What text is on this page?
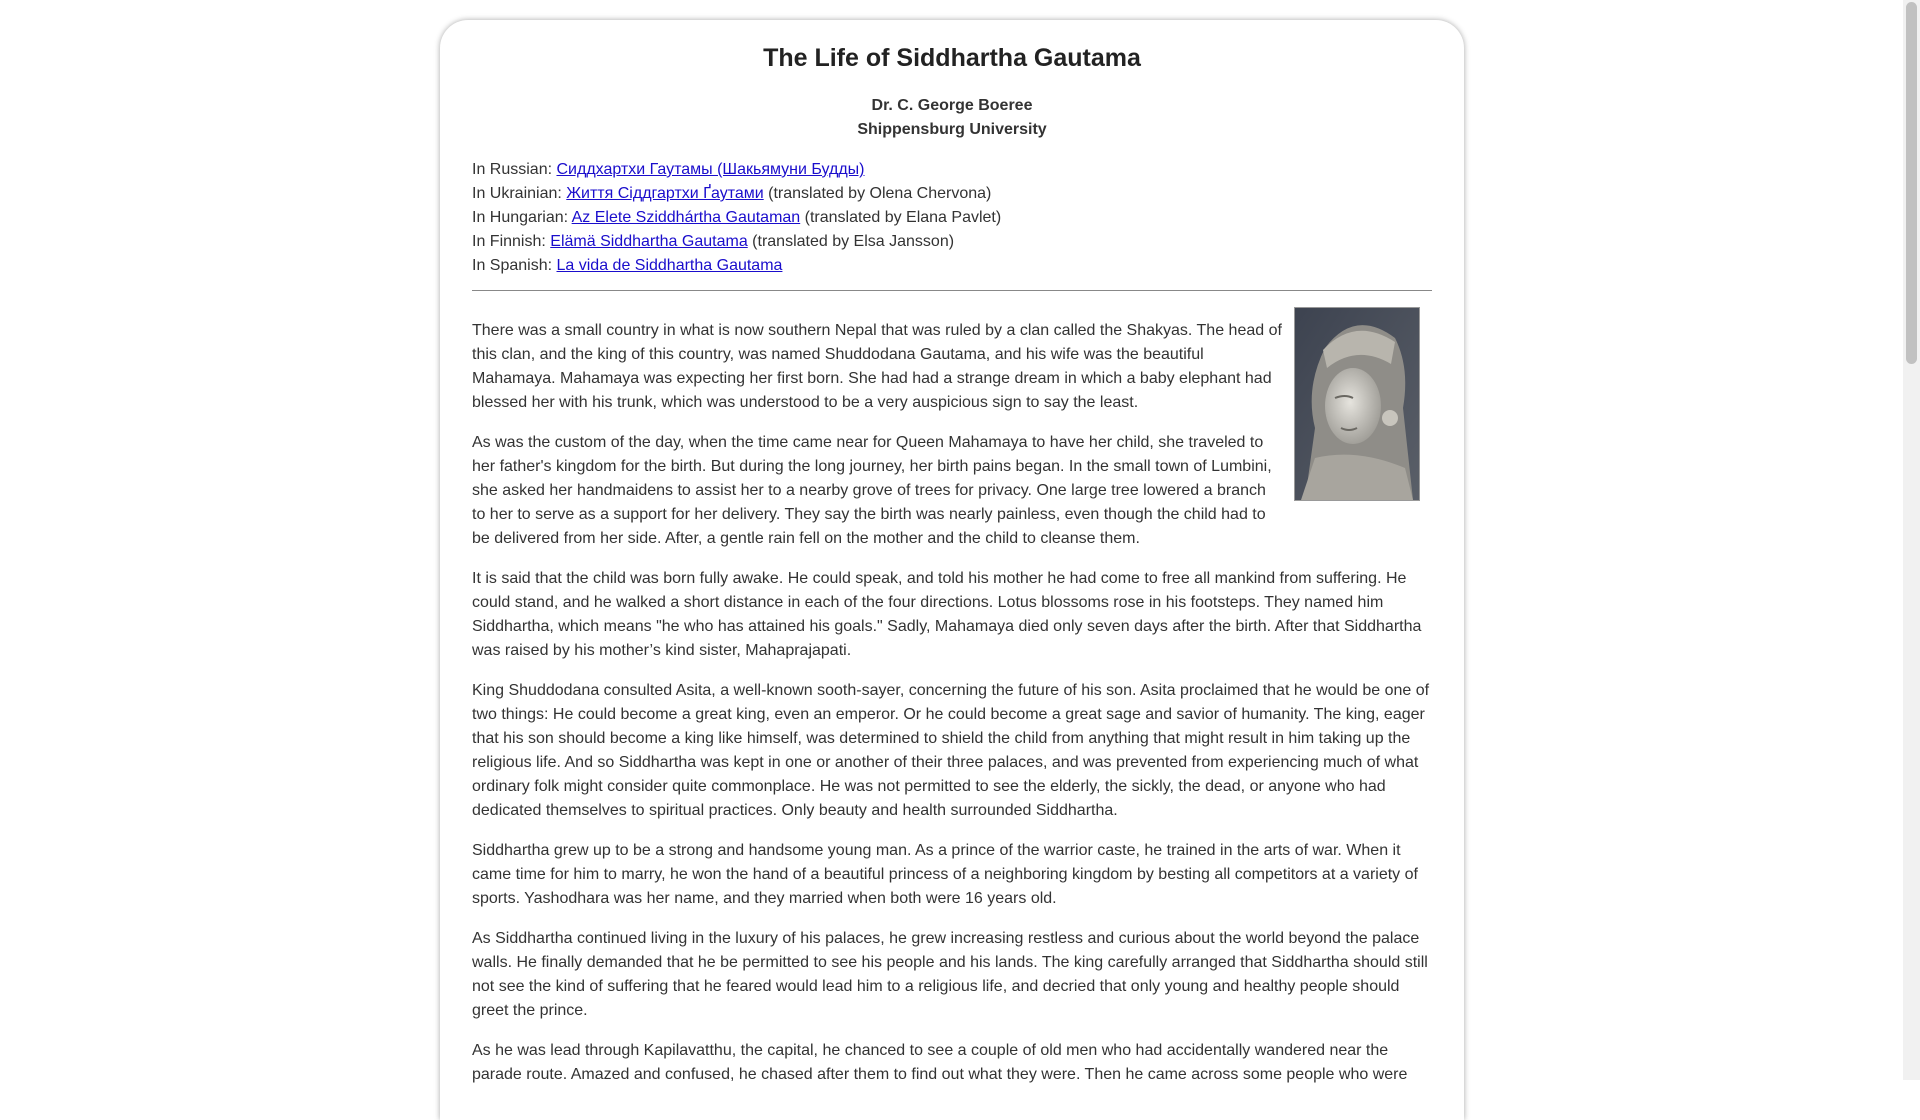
The Life of Siddhartha Gautama
Dr. C. George Boeree
Shippensburg University
In Russian: Сиддхартхи Гаутамы (Шакьямуни Будды)
In Ukrainian: Життя Сіддгартхи Ґаутами (translated by Olena Chervona)
In Hungarian: Az Elete Sziddhártha Gautaman (translated by Elana Pavlet)
In Finnish: Elämä Siddhartha Gautama (translated by Elsa Jansson)
In Spanish: La vida de Siddhartha Gautama

There was a small country in what is now southern Nepal that was ruled by a clan called the Shakyas. The head of this clan, and the king of this country, was named Shuddodana Gautama, and his wife was the beautiful Mahamaya. Mahamaya was expecting her first born. She had had a strange dream in which a baby elephant had blessed her with his trunk, which was understood to be a very auspicious sign to say the least.

As was the custom of the day, when the time came near for Queen Mahamaya to have her child, she traveled to her father's kingdom for the birth. But during the long journey, her birth pains began. In the small town of Lumbini, she asked her handmaidens to assist her to a nearby grove of trees for privacy. One large tree lowered a branch to her to serve as a support for her delivery. They say the birth was nearly painless, even though the child had to be delivered from her side. After, a gentle rain fell on the mother and the child to cleanse them.

It is said that the child was born fully awake. He could speak, and told his mother he had come to free all mankind from suffering. He could stand, and he walked a short distance in each of the four directions. Lotus blossoms rose in his footsteps. They named him Siddhartha, which means "he who has attained his goals." Sadly, Mahamaya died only seven days after the birth. After that Siddhartha was raised by his mother’s kind sister, Mahaprajapati.

King Shuddodana consulted Asita, a well-known sooth-sayer, concerning the future of his son. Asita proclaimed that he would be one of two things: He could become a great king, even an emperor. Or he could become a great sage and savior of humanity. The king, eager that his son should become a king like himself, was determined to shield the child from anything that might result in him taking up the religious life. And so Siddhartha was kept in one or another of their three palaces, and was prevented from experiencing much of what ordinary folk might consider quite commonplace. He was not permitted to see the elderly, the sickly, the dead, or anyone who had dedicated themselves to spiritual practices. Only beauty and health surrounded Siddhartha.

Siddhartha grew up to be a strong and handsome young man. As a prince of the warrior caste, he trained in the arts of war. When it came time for him to marry, he won the hand of a beautiful princess of a neighboring kingdom by besting all competitors at a variety of sports. Yashodhara was her name, and they married when both were 16 years old.

As Siddhartha continued living in the luxury of his palaces, he grew increasing restless and curious about the world beyond the palace walls. He finally demanded that he be permitted to see his people and his lands. The king carefully arranged that Siddhartha should still not see the kind of suffering that he feared would lead him to a religious life, and decried that only young and healthy people should greet the prince.

As he was lead through Kapilavatthu, the capital, he chanced to see a couple of old men who had accidentally wandered near the parade route. Amazed and confused, he chased after them to find out what they were. Then he came across some people who were
